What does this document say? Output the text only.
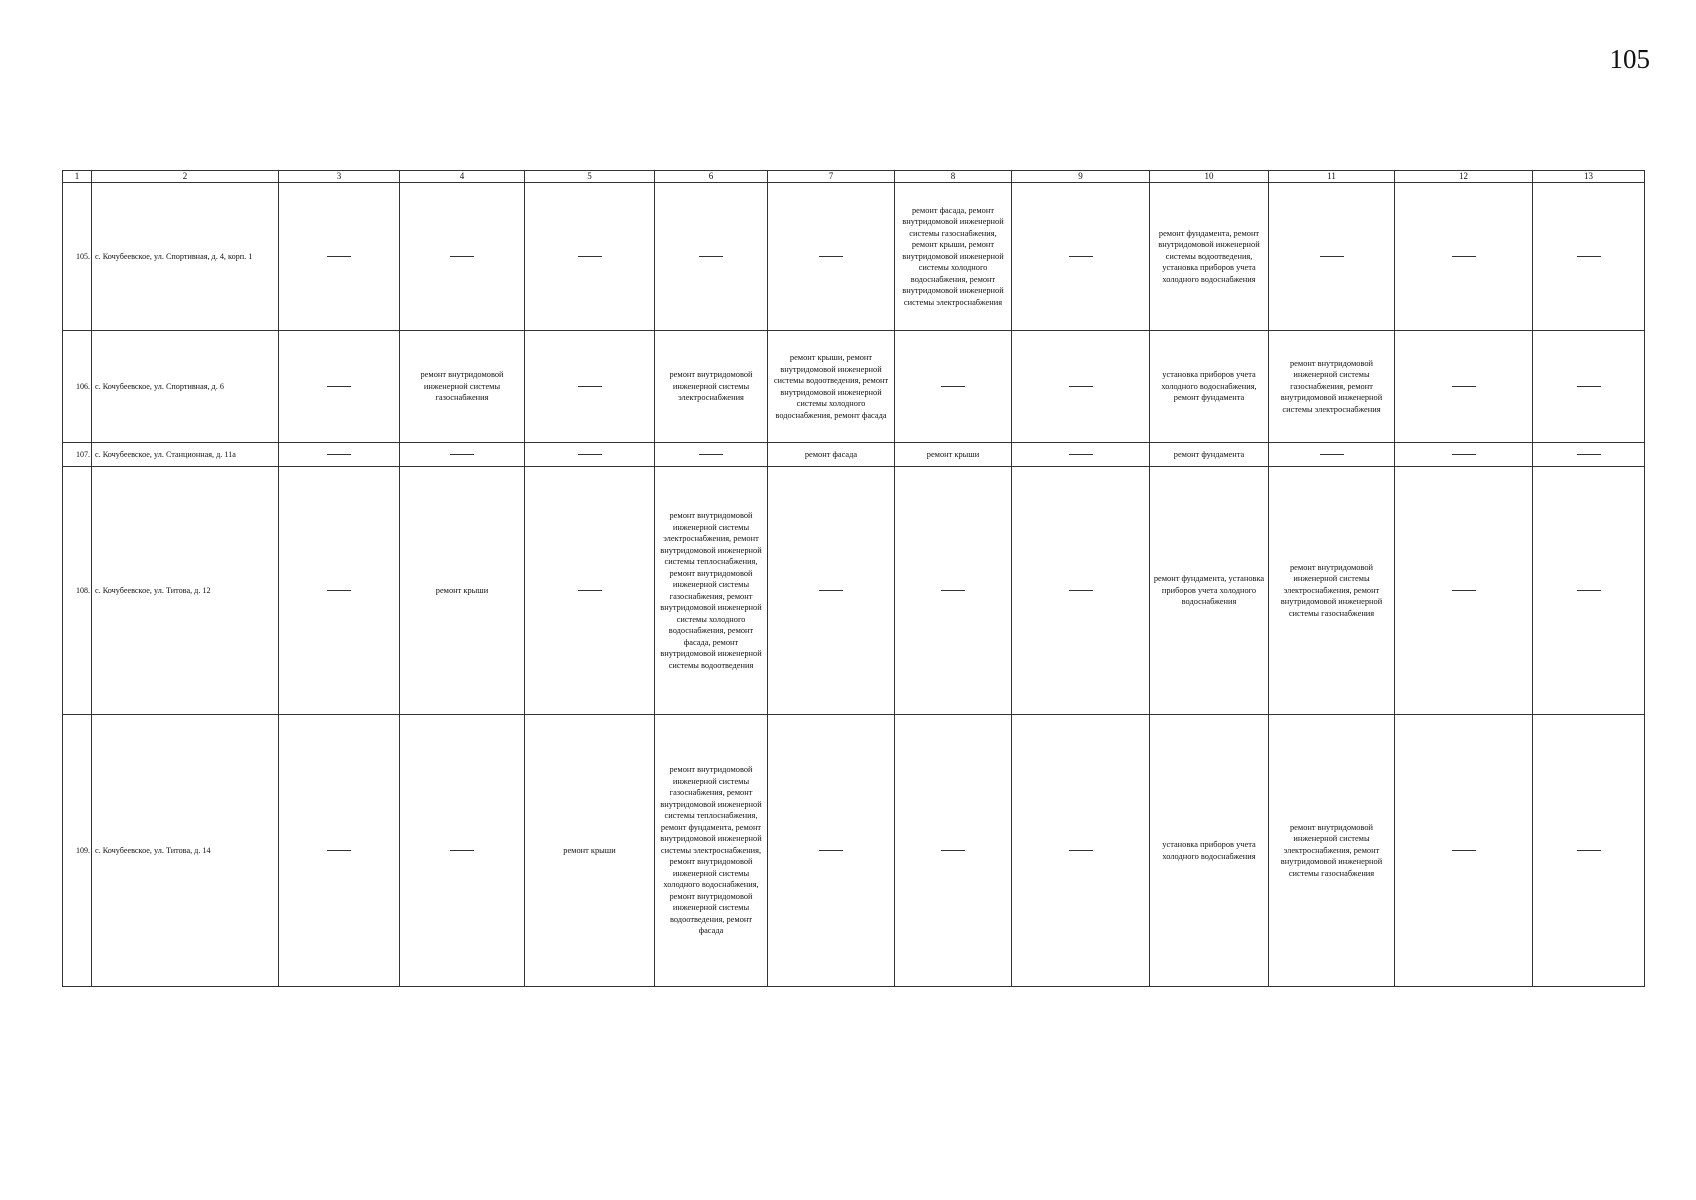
105
1	2	3	4	5	6	7	8	9	10	11	12	13
105.	с. Кочубеевское, ул. Спортивная, д. 4, корп. 1						ремонт фасада, ремонт внутридомовой инженерной системы газоснабжения, ремонт крыши, ремонт внутридомовой инженерной системы холодного водоснабжения, ремонт внутридомовой инженерной системы электроснабжения		ремонт фундамента, ремонт внутридомовой инженерной системы водоотведения, установка приборов учета холодного водоснабжения			
106.	с. Кочубеевское, ул. Спортивная, д. 6		ремонт внутридомовой инженерной системы газоснабжения		ремонт внутридомовой инженерной системы электроснабжения	ремонт крыши, ремонт внутридомовой инженерной системы водоотведения, ремонт внутридомовой инженерной системы холодного водоснабжения, ремонт фасада			установка приборов учета холодного водоснабжения, ремонт фундамента	ремонт внутридомовой инженерной системы газоснабжения, ремонт внутридомовой инженерной системы электроснабжения		
107.	с. Кочубеевское, ул. Станционная, д. 11а					ремонт фасада	ремонт крыши		ремонт фундамента			
108.	с. Кочубеевское, ул. Титова, д. 12		ремонт крыши		ремонт внутридомовой инженерной системы электроснабжения, ремонт внутридомовой инженерной системы теплоснабжения, ремонт внутридомовой инженерной системы газоснабжения, ремонт внутридомовой инженерной системы холодного водоснабжения, ремонт фасада, ремонт внутридомовой инженерной системы водоотведения				ремонт фундамента, установка приборов учета холодного водоснабжения	ремонт внутридомовой инженерной системы электроснабжения, ремонт внутридомовой инженерной системы газоснабжения		
109.	с. Кочубеевское, ул. Титова, д. 14			ремонт крыши	ремонт внутридомовой инженерной системы газоснабжения, ремонт внутридомовой инженерной системы теплоснабжения, ремонт фундамента, ремонт внутридомовой инженерной системы электроснабжения, ремонт внутридомовой инженерной системы холодного водоснабжения, ремонт внутридомовой инженерной системы водоотведения, ремонт фасада				установка приборов учета холодного водоснабжения	ремонт внутридомовой инженерной системы электроснабжения, ремонт внутридомовой инженерной системы газоснабжения		
